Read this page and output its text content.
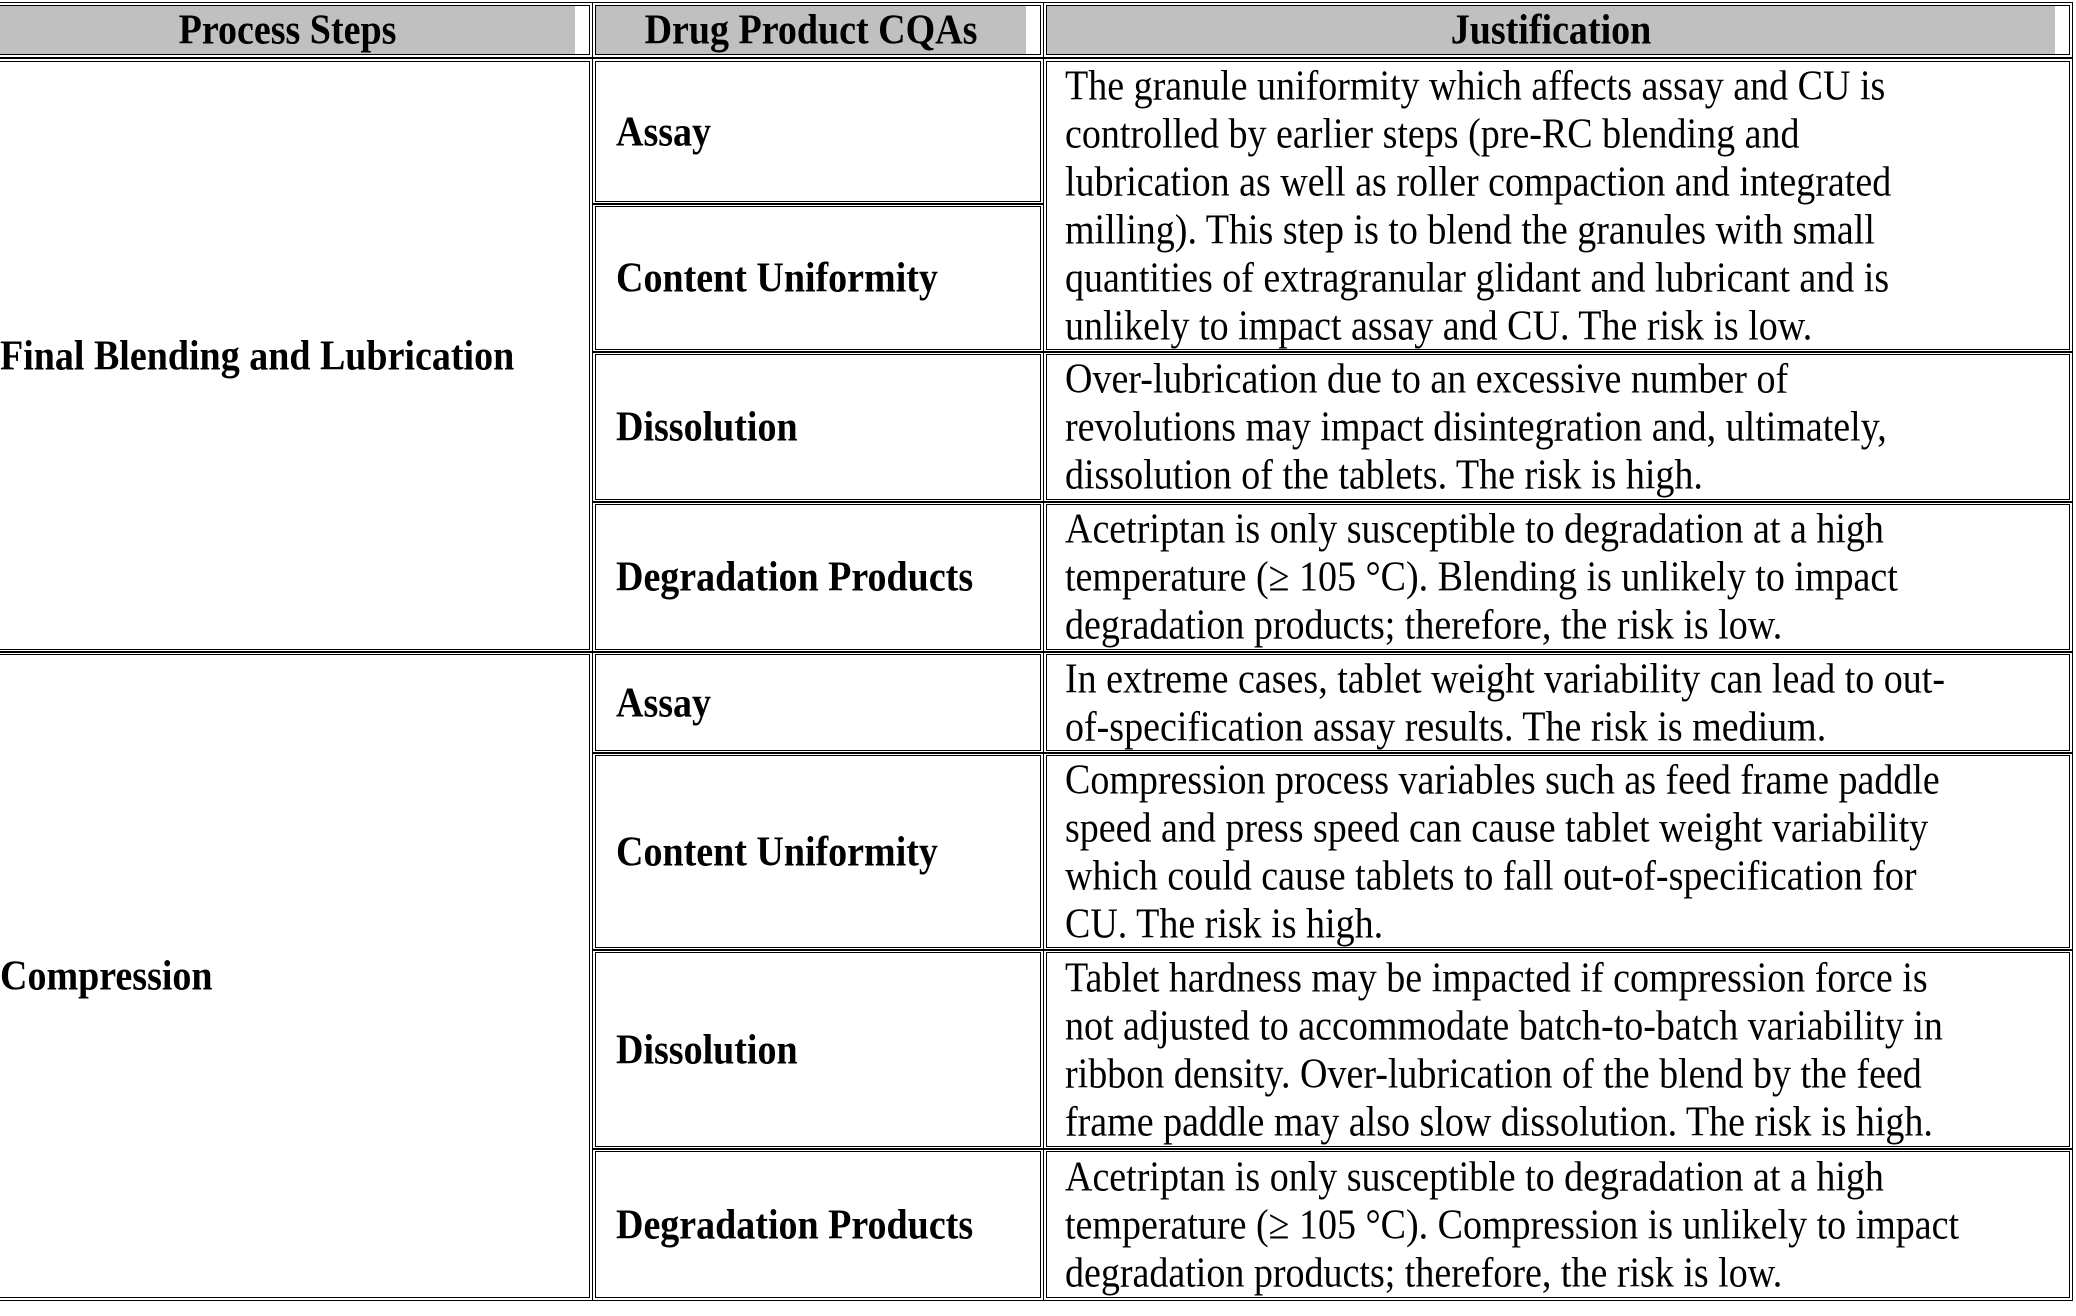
Process Steps	Drug Product CQAs	Justification
Final Blending and Lubrication
Assay
Content Uniformity
Dissolution
Degradation Products
The granule uniformity which affects assay and CU is
controlled by earlier steps (pre-RC blending and
lubrication as well as roller compaction and integrated
milling). This step is to blend the granules with small
quantities of extragranular glidant and lubricant and is
unlikely to impact assay and CU. The risk is low.
Over-lubrication due to an excessive number of
revolutions may impact disintegration and, ultimately,
dissolution of the tablets. The risk is high.
Acetriptan is only susceptible to degradation at a high
temperature (≥ 105 °C). Blending is unlikely to impact
degradation products; therefore, the risk is low.
Compression
Assay
Content Uniformity
Dissolution
Degradation Products
In extreme cases, tablet weight variability can lead to out-
of-specification assay results. The risk is medium.
Compression process variables such as feed frame paddle
speed and press speed can cause tablet weight variability
which could cause tablets to fall out-of-specification for
CU. The risk is high.
Tablet hardness may be impacted if compression force is
not adjusted to accommodate batch-to-batch variability in
ribbon density. Over-lubrication of the blend by the feed
frame paddle may also slow dissolution. The risk is high.
Acetriptan is only susceptible to degradation at a high
temperature (≥ 105 °C). Compression is unlikely to impact
degradation products; therefore, the risk is low.
